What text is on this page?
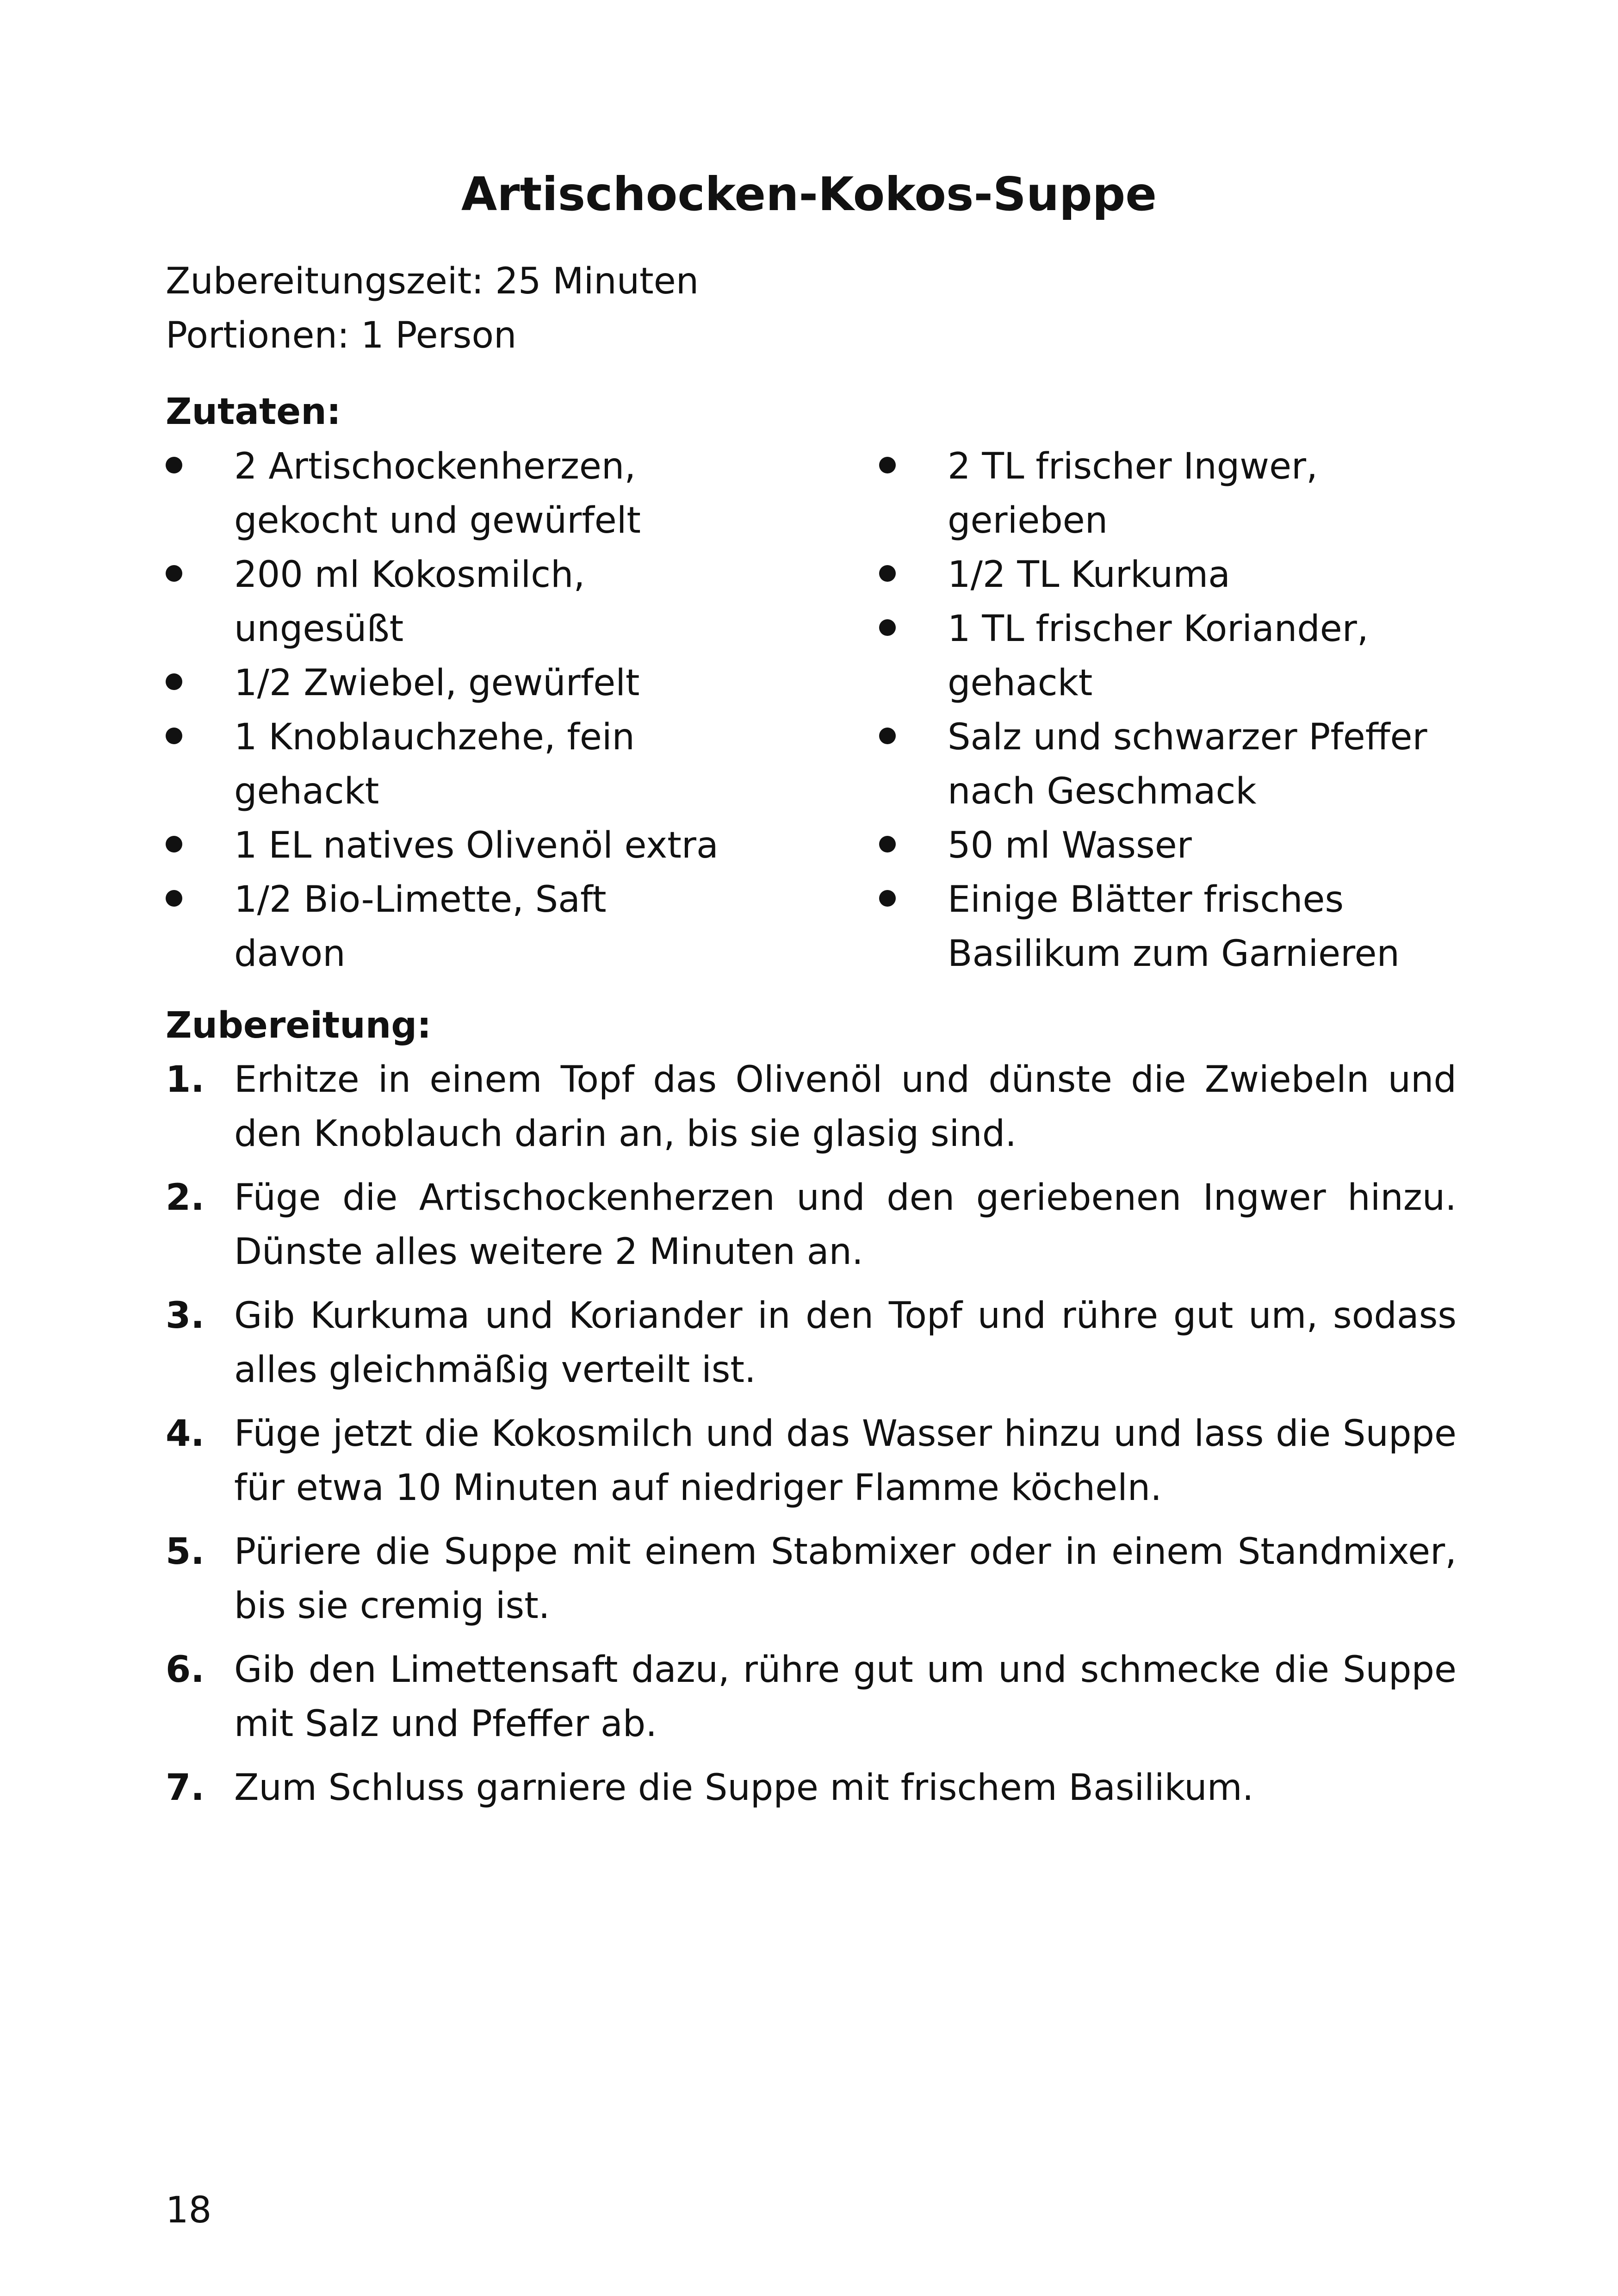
Artischocken-Kokos-Suppe

Zubereitungszeit: 25 Minuten

Portionen: 1 Person

Zutaten:
2 Artischockenherzen, gekocht und gewürfelt
200 ml Kokosmilch, ungesüßt
1/2 Zwiebel, gewürfelt
1 Knoblauchzehe, fein gehackt
1 EL natives Olivenöl extra
1/2 Bio-Limette, Saft davon
2 TL frischer Ingwer, gerieben
1/2 TL Kurkuma
1 TL frischer Koriander, gehackt
Salz und schwarzer Pfeffer nach Geschmack
50 ml Wasser
Einige Blätter frisches Basilikum zum Garnieren
Zubereitung:
1. Erhitze in einem Topf das Olivenöl und dünste die Zwiebeln und den Knoblauch darin an, bis sie glasig sind.
2. Füge die Artischockenherzen und den geriebenen Ingwer hinzu. Dünste alles weitere 2 Minuten an.
3. Gib Kurkuma und Koriander in den Topf und rühre gut um, sodass alles gleichmäßig verteilt ist.
4. Füge jetzt die Kokosmilch und das Wasser hinzu und lass die Suppe für etwa 10 Minuten auf niedriger Flamme köcheln.
5. Püriere die Suppe mit einem Stabmixer oder in einem Standmixer, bis sie cremig ist.
6. Gib den Limettensaft dazu, rühre gut um und schmecke die Suppe mit Salz und Pfeffer ab.
7. Zum Schluss garniere die Suppe mit frischem Basilikum.

18
